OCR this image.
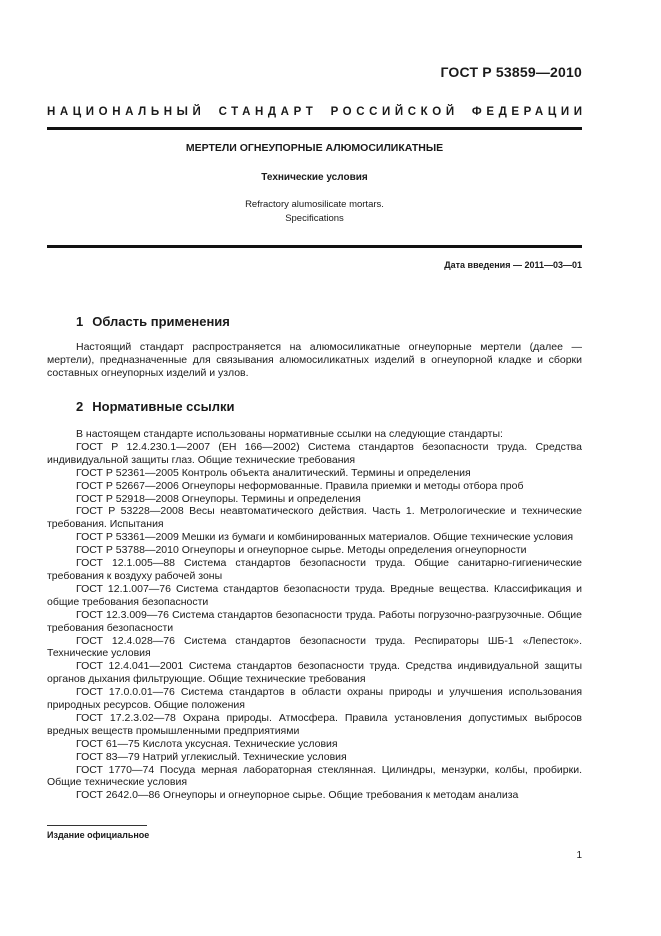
ГОСТ Р 53859—2010
НАЦИОНАЛЬНЫЙ СТАНДАРТ РОССИЙСКОЙ ФЕДЕРАЦИИ
МЕРТЕЛИ ОГНЕУПОРНЫЕ АЛЮМОСИЛИКАТНЫЕ
Технические условия
Refractory alumosilicate mortars.
Specifications
Дата введения — 2011—03—01
1 Область применения

Настоящий стандарт распространяется на алюмосиликатные огнеупорные мертели (далее — мертели), предназначенные для связывания алюмосиликатных изделий в огнеупорной кладке и сборки составных огнеупорных изделий и узлов.

2 Нормативные ссылки

В настоящем стандарте использованы нормативные ссылки на следующие стандарты:

ГОСТ Р 12.4.230.1—2007 (ЕН 166—2002) Система стандартов безопасности труда. Средства индивидуальной защиты глаз. Общие технические требования

ГОСТ Р 52361—2005 Контроль объекта аналитический. Термины и определения

ГОСТ Р 52667—2006 Огнеупоры неформованные. Правила приемки и методы отбора проб

ГОСТ Р 52918—2008 Огнеупоры. Термины и определения

ГОСТ Р 53228—2008 Весы неавтоматического действия. Часть 1. Метрологические и технические требования. Испытания

ГОСТ Р 53361—2009 Мешки из бумаги и комбинированных материалов. Общие технические условия

ГОСТ Р 53788—2010 Огнеупоры и огнеупорное сырье. Методы определения огнеупорности

ГОСТ 12.1.005—88 Система стандартов безопасности труда. Общие санитарно-гигиенические требования к воздуху рабочей зоны

ГОСТ 12.1.007—76 Система стандартов безопасности труда. Вредные вещества. Классификация и общие требования безопасности

ГОСТ 12.3.009—76 Система стандартов безопасности труда. Работы погрузочно-разгрузочные. Общие требования безопасности

ГОСТ 12.4.028—76 Система стандартов безопасности труда. Респираторы ШБ-1 «Лепесток». Технические условия

ГОСТ 12.4.041—2001 Система стандартов безопасности труда. Средства индивидуальной защиты органов дыхания фильтрующие. Общие технические требования

ГОСТ 17.0.0.01—76 Система стандартов в области охраны природы и улучшения использования природных ресурсов. Общие положения

ГОСТ 17.2.3.02—78 Охрана природы. Атмосфера. Правила установления допустимых выбросов вредных веществ промышленными предприятиями

ГОСТ 61—75 Кислота уксусная. Технические условия

ГОСТ 83—79 Натрий углекислый. Технические условия

ГОСТ 1770—74 Посуда мерная лабораторная стеклянная. Цилиндры, мензурки, колбы, пробирки. Общие технические условия

ГОСТ 2642.0—86 Огнеупоры и огнеупорное сырье. Общие требования к методам анализа

Издание официальное
1
